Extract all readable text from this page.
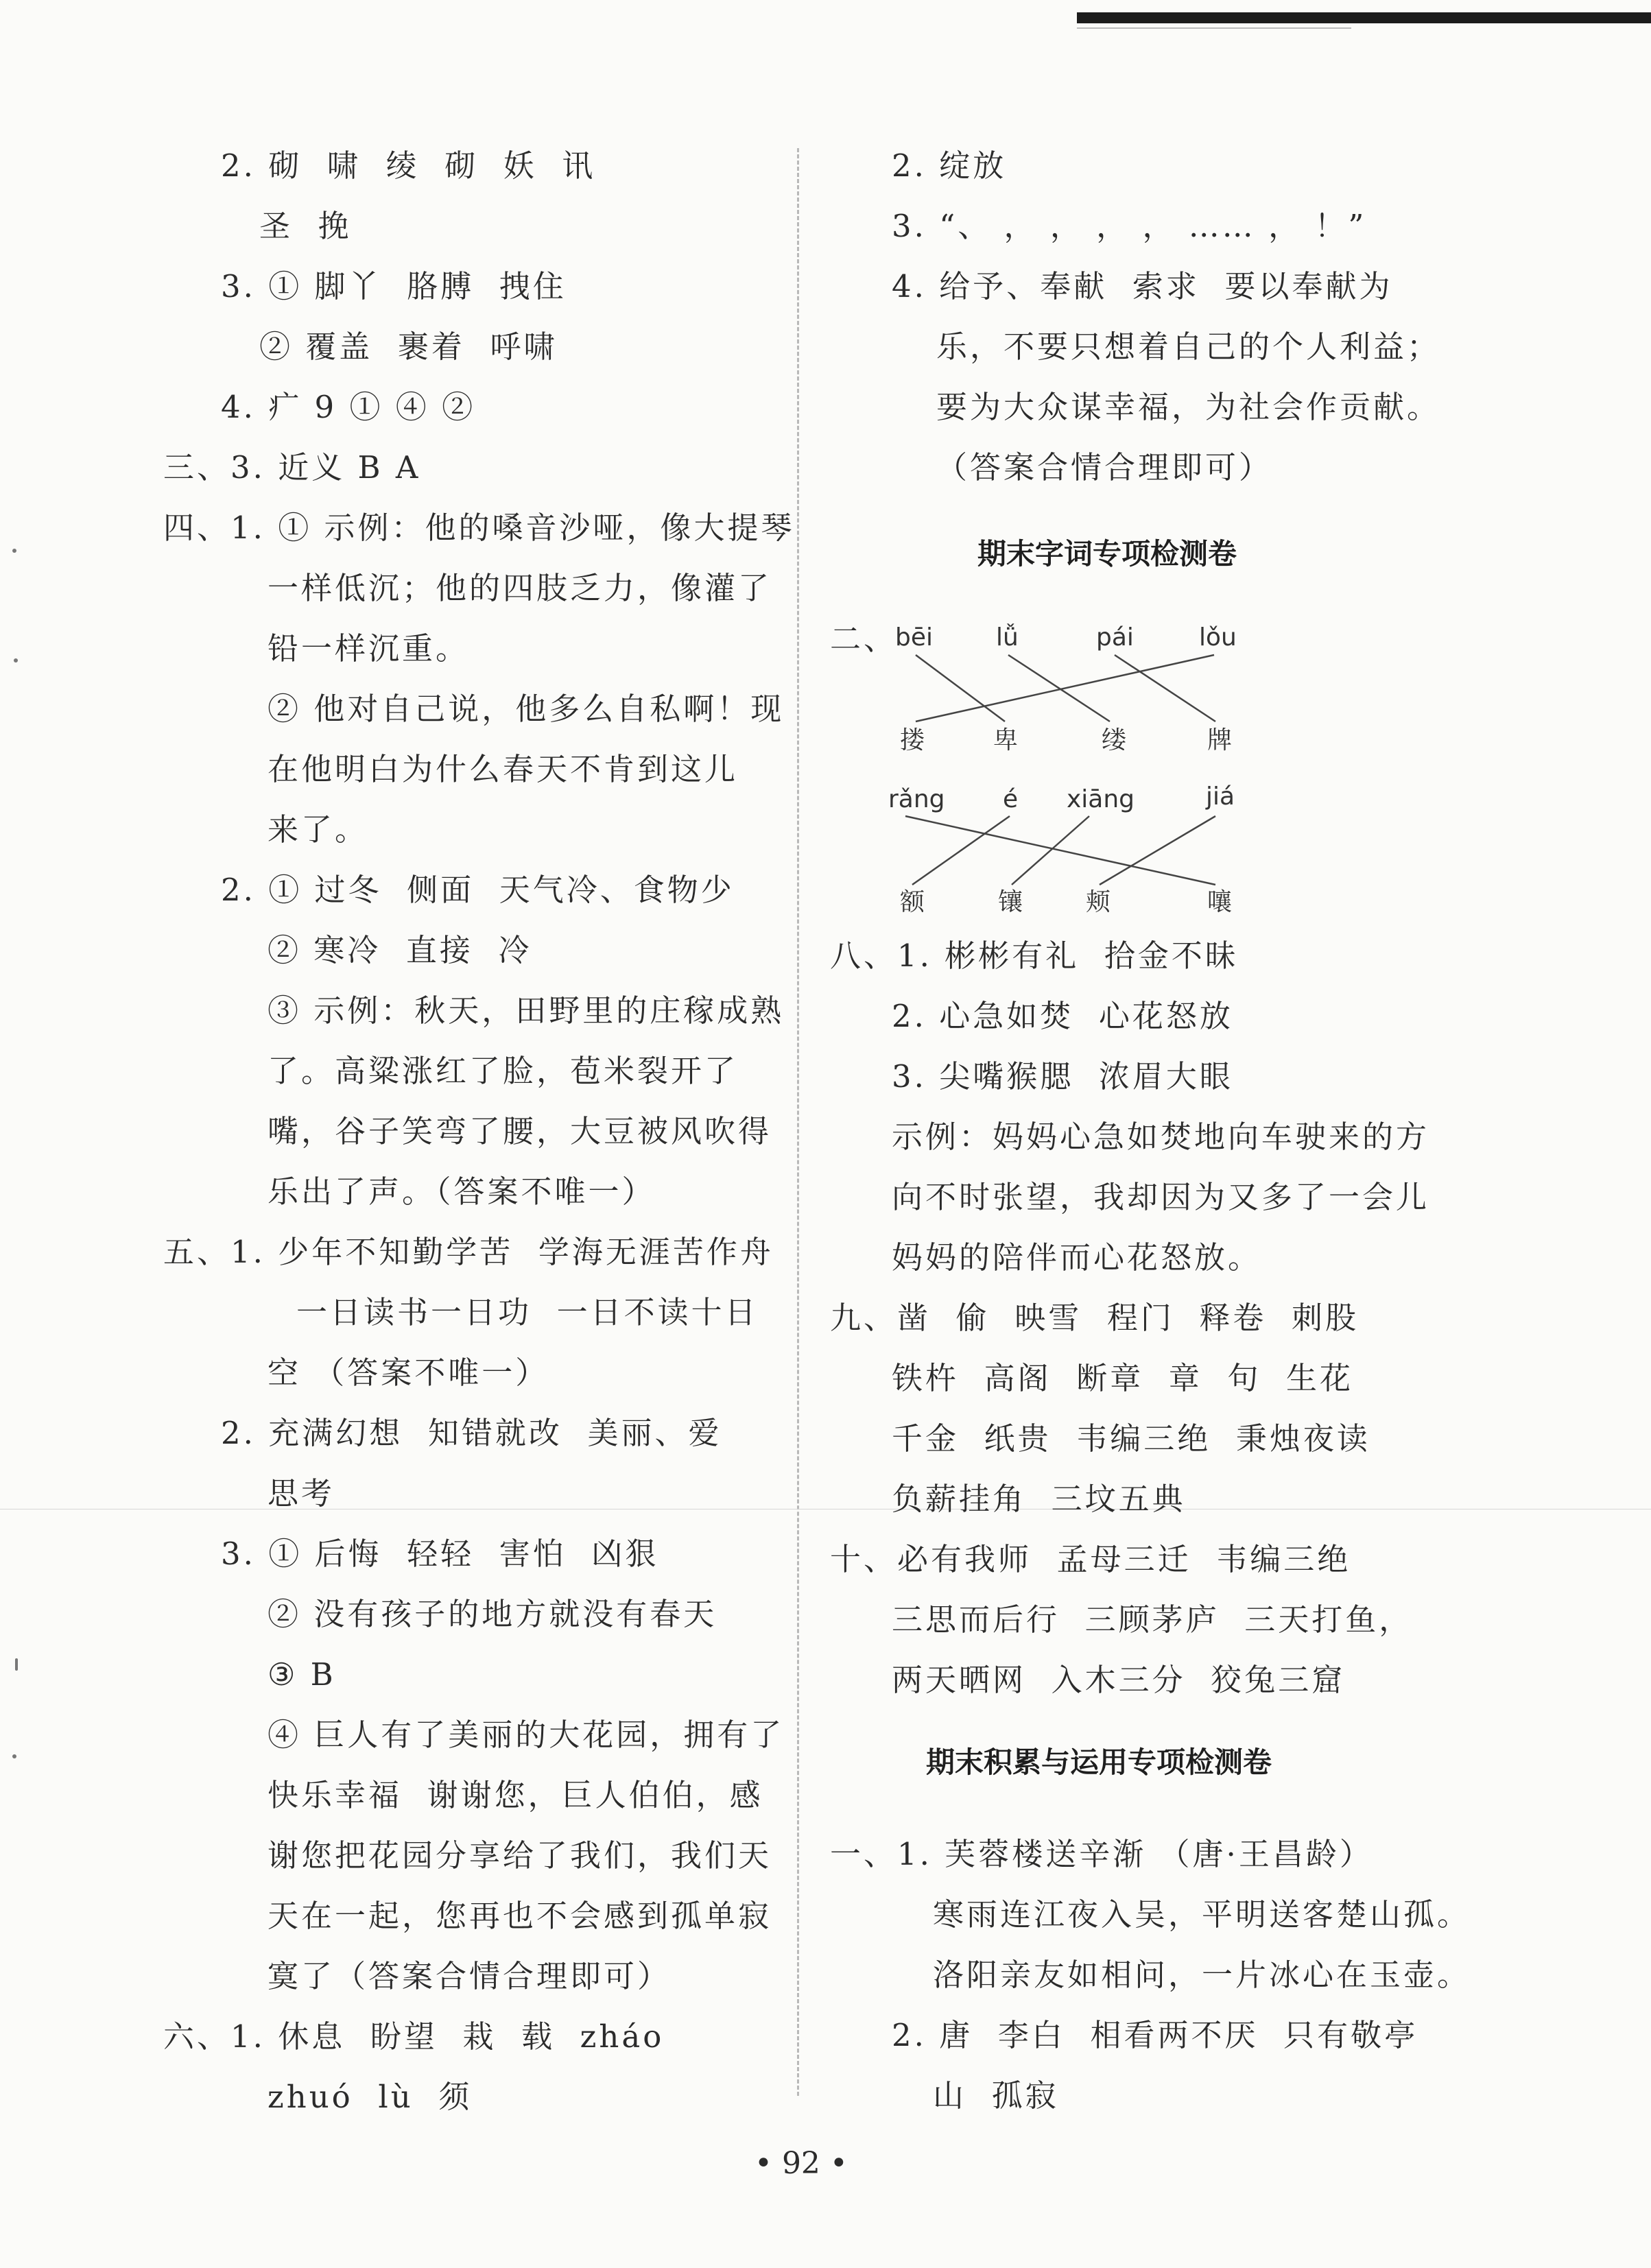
二、
bēi	lǚ	pái	lǒu
搂	卑	缕	牌
rǎng é xiāng	jiá
额	镶	颊	嚷
• 92 •
2. 砌  啸  绫  砌  妖  讯
圣  挽
3. ① 脚丫  胳膊  拽住
② 覆盖  裹着  呼啸
4. 疒 9 ① ④ ②
三、3. 近义 B A
四、1. ① 示例：他的嗓音沙哑，像大提琴
一样低沉；他的四肢乏力，像灌了
铅一样沉重。
② 他对自己说，他多么自私啊！现
在他明白为什么春天不肯到这儿
来了。
2. ① 过冬  侧面  天气冷、食物少
② 寒冷  直接  冷
③ 示例：秋天，田野里的庄稼成熟
了。高粱涨红了脸，苞米裂开了
嘴，谷子笑弯了腰，大豆被风吹得
乐出了声。（答案不唯一）
五、1. 少年不知勤学苦  学海无涯苦作舟
一日读书一日功  一日不读十日
空 （答案不唯一）
2. 充满幻想  知错就改  美丽、爱
思考
3. ① 后悔  轻轻  害怕  凶狠
② 没有孩子的地方就没有春天
③ B
④ 巨人有了美丽的大花园，拥有了
快乐幸福  谢谢您，巨人伯伯，感
谢您把花园分享给了我们，我们天
天在一起，您再也不会感到孤单寂
寞了（答案合情合理即可）
六、1. 休息  盼望  栽  载  zháo
zhuó  lù  须
2. 绽放
3. “、 ， ， ， ， …… ， ！”
4. 给予、奉献  索求  要以奉献为
乐，不要只想着自己的个人利益；
要为大众谋幸福，为社会作贡献。
（答案合情合理即可）
八、1. 彬彬有礼  拾金不昧
2. 心急如焚  心花怒放
3. 尖嘴猴腮  浓眉大眼
示例：妈妈心急如焚地向车驶来的方
向不时张望，我却因为又多了一会儿
妈妈的陪伴而心花怒放。
九、凿  偷  映雪  程门  释卷  刺股
铁杵  高阁  断章  章  句  生花
千金  纸贵  韦编三绝  秉烛夜读
负薪挂角  三坟五典
十、必有我师  孟母三迁  韦编三绝
三思而后行  三顾茅庐  三天打鱼，
两天晒网  入木三分  狡兔三窟
一、1. 芙蓉楼送辛渐 （唐·王昌龄）
寒雨连江夜入吴，平明送客楚山孤。
洛阳亲友如相问，一片冰心在玉壶。
2. 唐  李白  相看两不厌  只有敬亭
山  孤寂
期末字词专项检测卷
期末积累与运用专项检测卷
